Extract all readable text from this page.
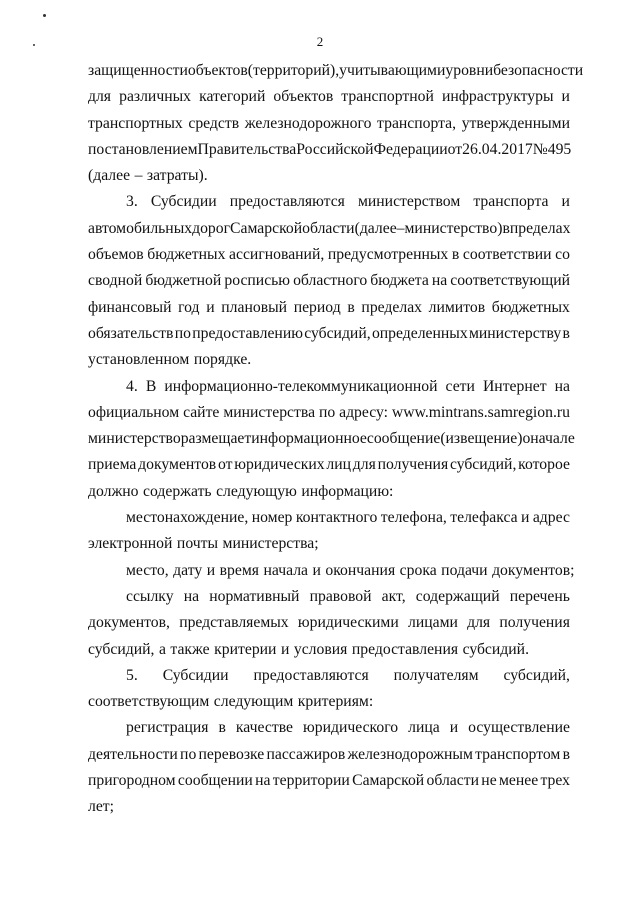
2
защищенности объектов (территорий), учитывающими уровни безопасности
для различных категорий объектов транспортной инфраструктуры и
транспортных средств железнодорожного транспорта, утвержденными
постановлением Правительства Российской Федерации от 26.04.2017 № 495
(далее – затраты).
3. Субсидии предоставляются министерством транспорта и
автомобильных дорог Самарской области (далее – министерство) в пределах
объемов бюджетных ассигнований, предусмотренных в соответствии со
сводной бюджетной росписью областного бюджета на соответствующий
финансовый год и плановый период в пределах лимитов бюджетных
обязательств по предоставлению субсидий, определенных министерству в
установленном порядке.
4. В информационно-телекоммуникационной сети Интернет на
официальном сайте министерства по адресу: www.mintrans.samregion.ru
министерство размещает информационное сообщение (извещение) о начале
приема документов от юридических лиц для получения субсидий, которое
должно содержать следующую информацию:
местонахождение, номер контактного телефона, телефакса и адрес
электронной почты министерства;
место, дату и время начала и окончания срока подачи документов;
ссылку на нормативный правовой акт, содержащий перечень
документов, представляемых юридическими лицами для получения
субсидий, а также критерии и условия предоставления субсидий.
5. Субсидии предоставляются получателям субсидий,
соответствующим следующим критериям:
регистрация в качестве юридического лица и осуществление
деятельности по перевозке пассажиров железнодорожным транспортом в
пригородном сообщении на территории Самарской области не менее трех
лет;
